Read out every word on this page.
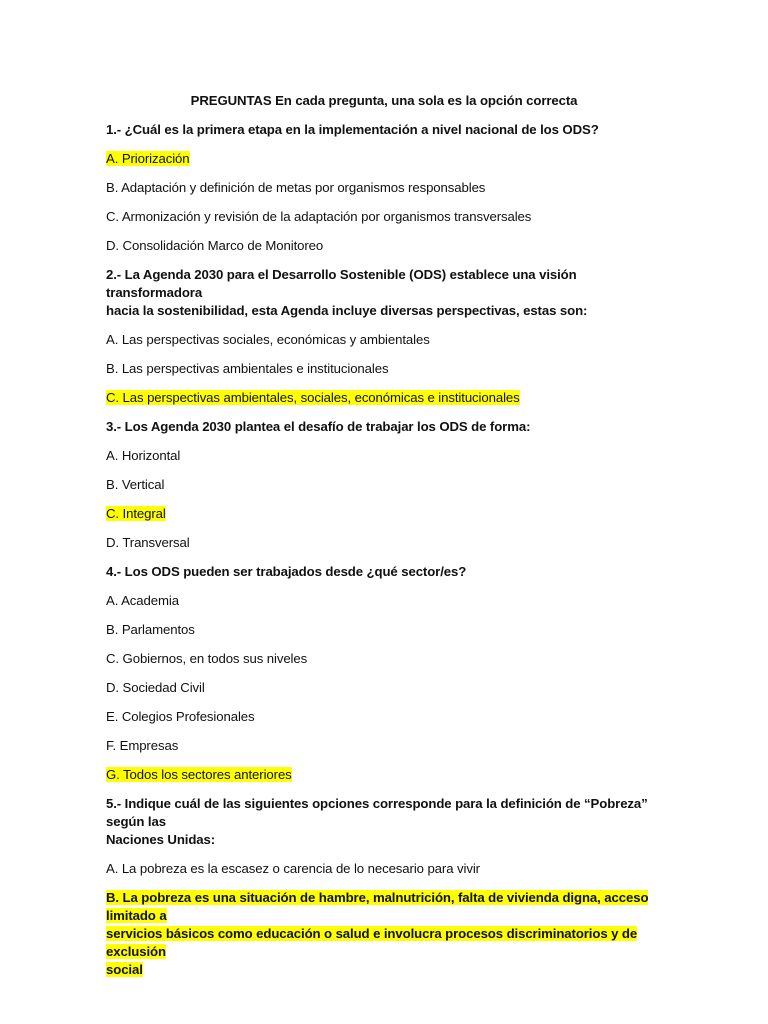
PREGUNTAS En cada pregunta, una sola es la opción correcta
1.- ¿Cuál es la primera etapa en la implementación a nivel nacional de los ODS?
A. Priorización
B. Adaptación y definición de metas por organismos responsables
C. Armonización y revisión de la adaptación por organismos transversales
D. Consolidación Marco de Monitoreo
2.- La Agenda 2030 para el Desarrollo Sostenible (ODS) establece una visión transformadora
hacia la sostenibilidad, esta Agenda incluye diversas perspectivas, estas son:
A. Las perspectivas sociales, económicas y ambientales
B. Las perspectivas ambientales e institucionales
C. Las perspectivas ambientales, sociales, económicas e institucionales
3.- Los Agenda 2030 plantea el desafío de trabajar los ODS de forma:
A. Horizontal
B. Vertical
C. Integral
D. Transversal
4.- Los ODS pueden ser trabajados desde ¿qué sector/es?
A. Academia
B. Parlamentos
C. Gobiernos, en todos sus niveles
D. Sociedad Civil
E. Colegios Profesionales
F. Empresas
G. Todos los sectores anteriores
5.- Indique cuál de las siguientes opciones corresponde para la definición de “Pobreza” según las
Naciones Unidas:
A. La pobreza es la escasez o carencia de lo necesario para vivir
B. La pobreza es una situación de hambre, malnutrición, falta de vivienda digna, acceso limitado a
servicios básicos como educación o salud e involucra procesos discriminatorios y de exclusión
social
